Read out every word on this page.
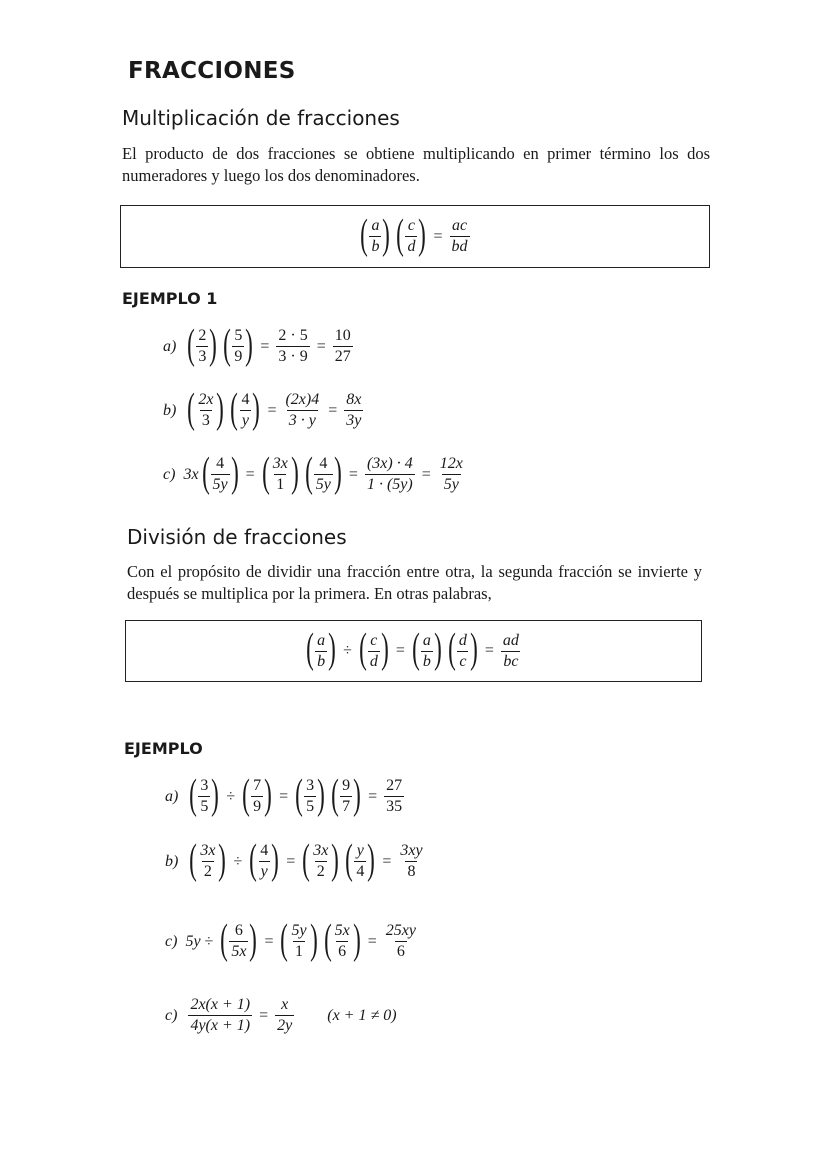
FRACCIONES
Multiplicación de fracciones
El producto de dos fracciones se obtiene multiplicando en primer término los dos numeradores y luego los dos denominadores.
( $\frac{a}{b}$ ) ( $\frac{c}{d}$ ) = $\frac{ac}{bd}$
EJEMPLO 1
a) ( $\frac{2}{3}$ ) ( $\frac{5}{9}$ ) = $\frac{2 \cdot 5}{3 \cdot 9} = \frac{10}{27}$
b) ( $\frac{2x}{3}$ ) ( $\frac{4}{y}$ ) = $\frac{(2x)4}{3 \cdot y} = \frac{8x}{3y}$
c) 3x ( $\frac{4}{5y}$ ) = ( $\frac{3x}{1}$ ) ( $\frac{4}{5y}$ ) = $\frac{(3x) \cdot 4}{1 \cdot (5y)} = \frac{12x}{5y}$
División de fracciones
Con el propósito de dividir una fracción entre otra, la segunda fracción se invierte y después se multiplica por la primera. En otras palabras,
( $\frac{a}{b}$ ) ÷ ( $\frac{c}{d}$ ) = ( $\frac{a}{b}$ ) ( $\frac{d}{c}$ ) = $\frac{ad}{bc}$
EJEMPLO
a) ( $\frac{3}{5}$ ) ÷ ( $\frac{7}{9}$ ) = ( $\frac{3}{5}$ ) ( $\frac{9}{7}$ ) = $\frac{27}{35}$
b) ( $\frac{3x}{2}$ ) ÷ ( $\frac{4}{y}$ ) = ( $\frac{3x}{2}$ ) ( $\frac{y}{4}$ ) = $\frac{3xy}{8}$
c) 5y ÷ ( $\frac{6}{5x}$ ) = ( $\frac{5y}{1}$ ) ( $\frac{5x}{6}$ ) = $\frac{25xy}{6}$
$c) \frac{2x(x + 1)}{4y(x + 1)} = \frac{x}{2y} (x + 1 \ne 0)$
